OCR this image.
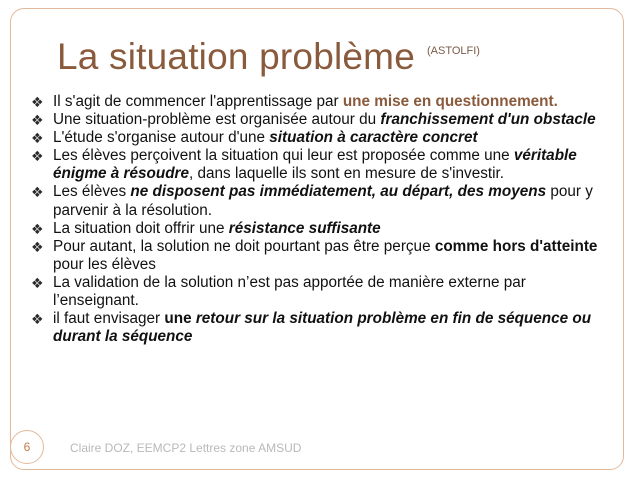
La situation problème $^{(ASTOLFI)}$
❖ Il s'agit de commencer l'apprentissage par une mise en questionnement.
❖ Une situation-problème est organisée autour du franchissement d'un obstacle
❖ L'étude s'organise autour d'une situation à caractère concret
❖ Les élèves perçoivent la situation qui leur est proposée comme une véritable énigme à résoudre, dans laquelle ils sont en mesure de s'investir.
❖ Les élèves ne disposent pas immédiatement, au départ, des moyens pour y parvenir à la résolution.
❖ La situation doit offrir une résistance suffisante
❖ Pour autant, la solution ne doit pourtant pas être perçue comme hors d'atteinte pour les élèves
❖ La validation de la solution n’est pas apportée de manière externe par l’enseignant.
❖ il faut envisager une retour sur la situation problème en fin de séquence ou durant la séquence
6	Claire DOZ, EEMCP2 Lettres zone AMSUD
